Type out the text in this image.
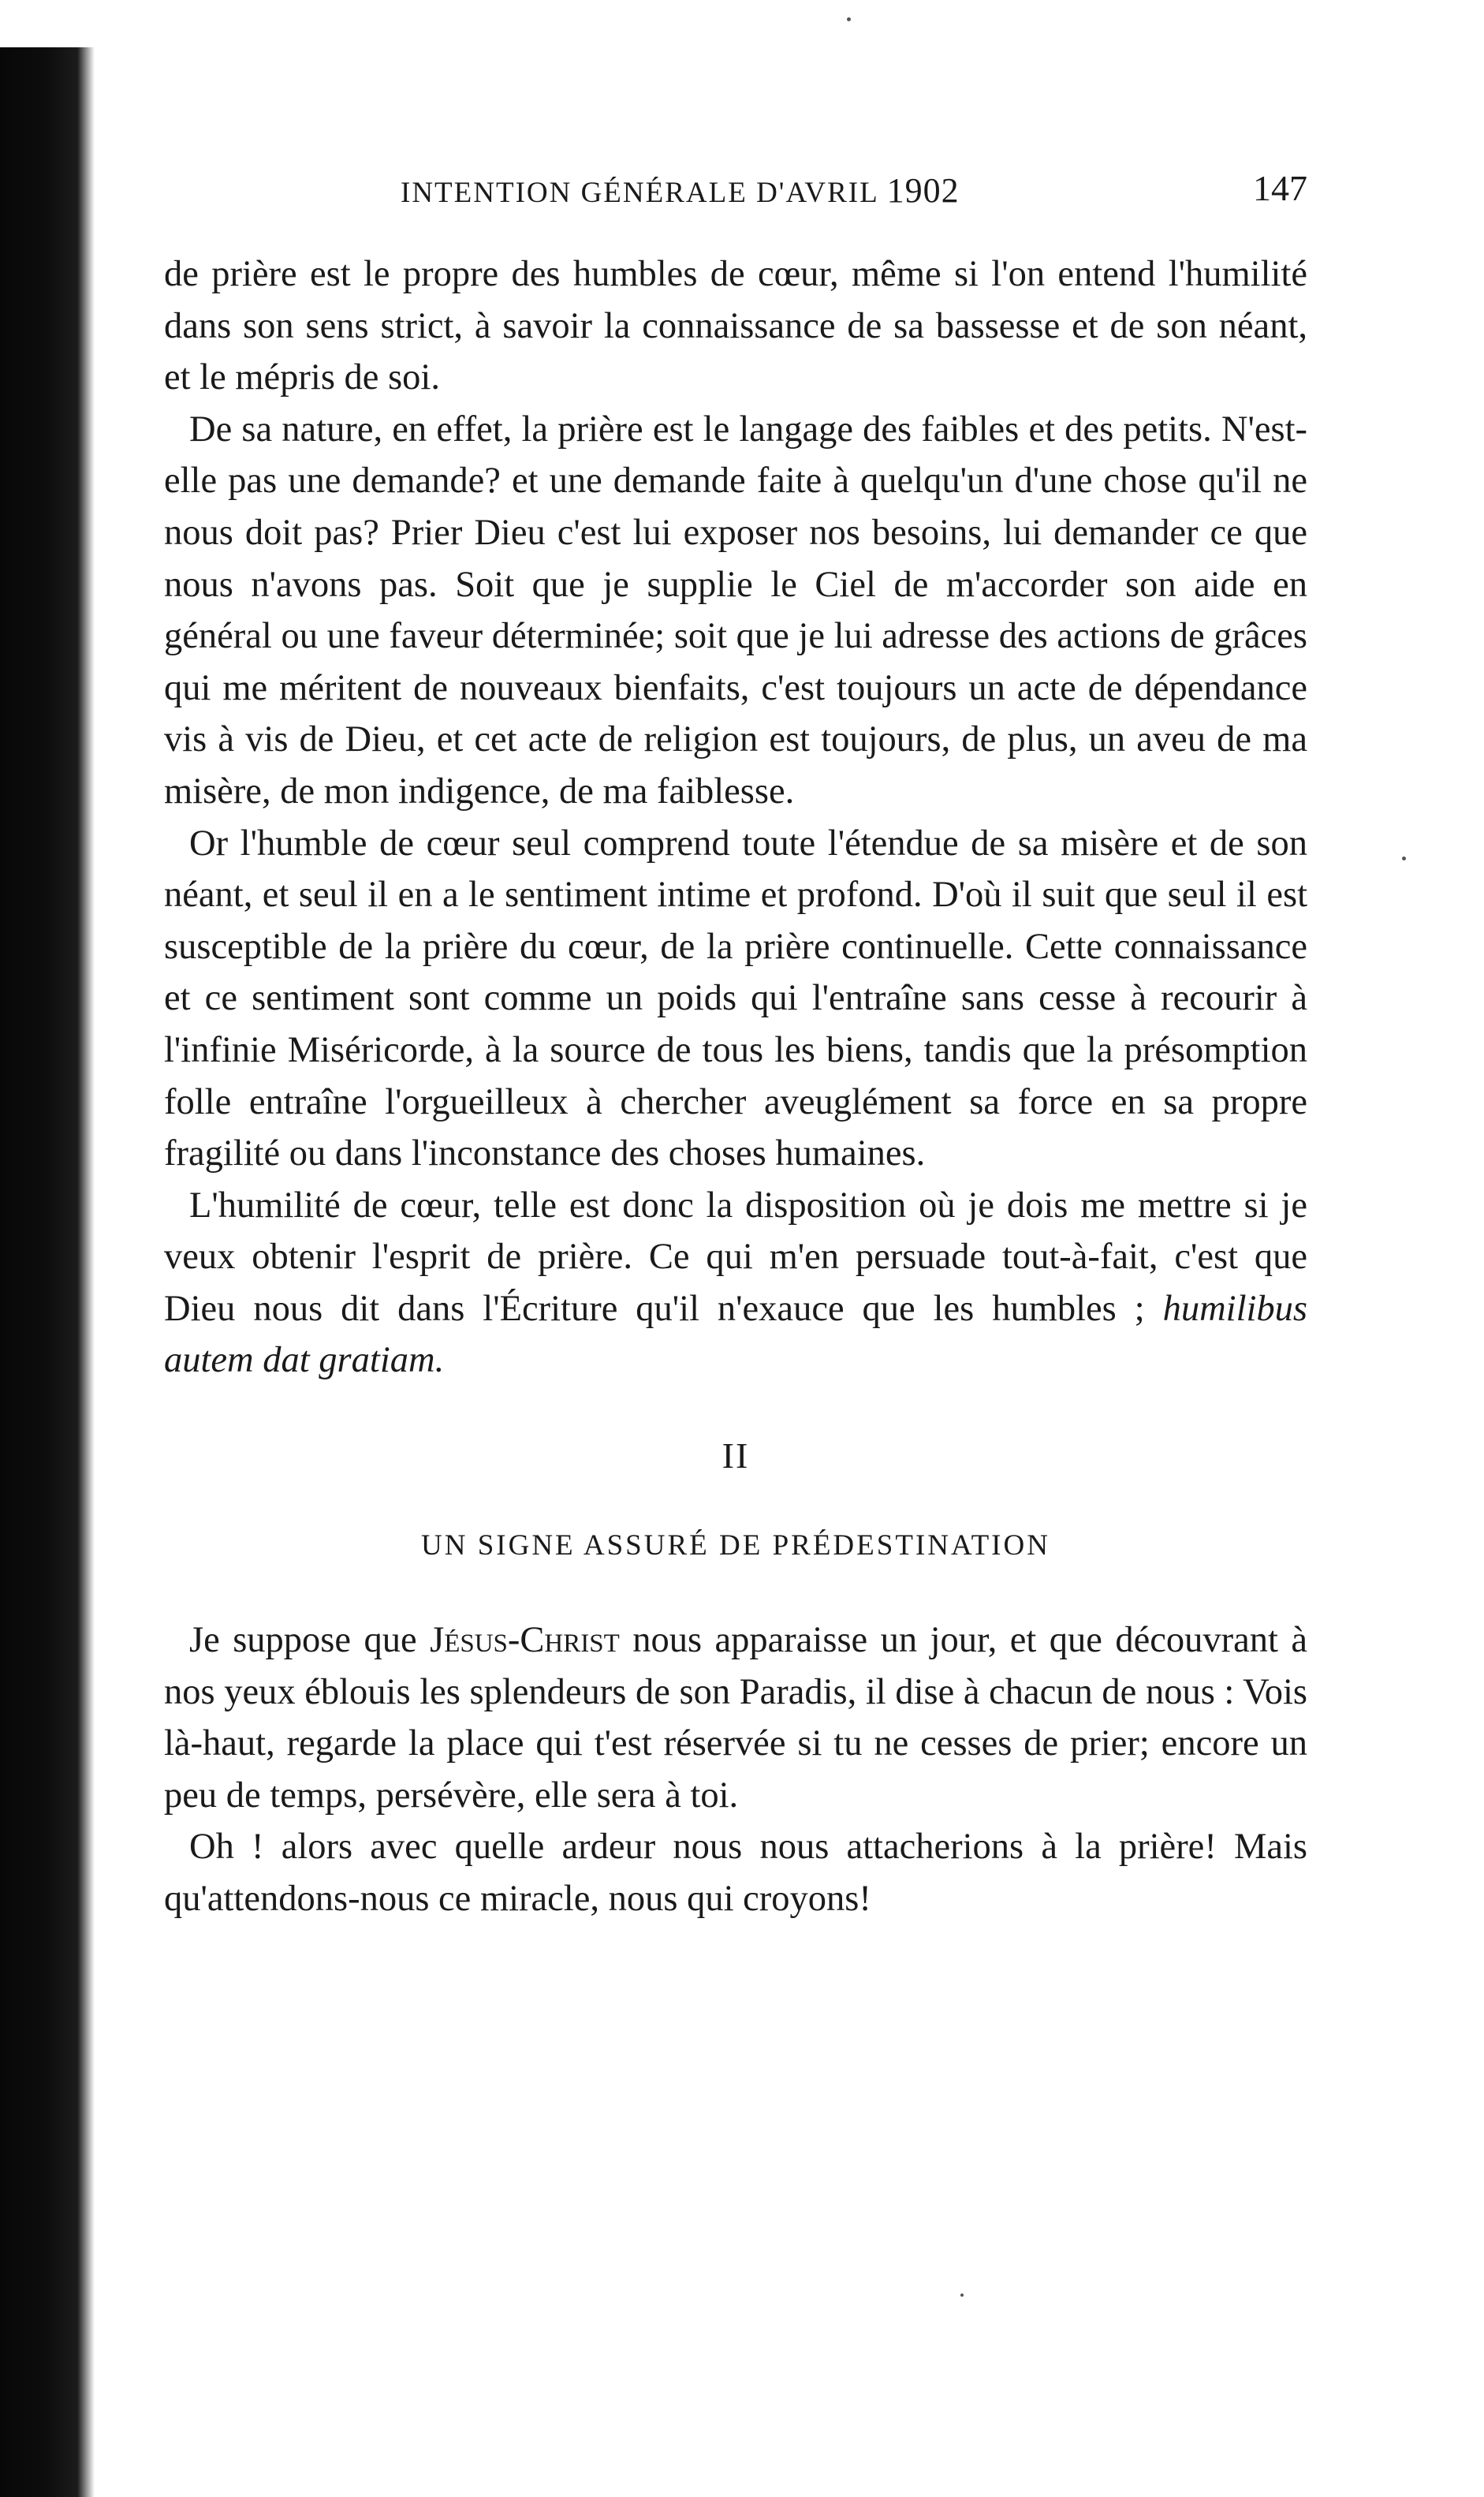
INTENTION GÉNÉRALE D'AVRIL 1902	147

de prière est le propre des humbles de cœur, même si l'on entend l'humilité dans son sens strict, à savoir la connaissance de sa bassesse et de son néant, et le mépris de soi.

De sa nature, en effet, la prière est le langage des faibles et des petits. N'est-elle pas une demande? et une demande faite à quelqu'un d'une chose qu'il ne nous doit pas? Prier Dieu c'est lui exposer nos besoins, lui demander ce que nous n'avons pas. Soit que je supplie le Ciel de m'accorder son aide en général ou une faveur déterminée; soit que je lui adresse des actions de grâces qui me méritent de nouveaux bienfaits, c'est toujours un acte de dépendance vis à vis de Dieu, et cet acte de religion est toujours, de plus, un aveu de ma misère, de mon indigence, de ma faiblesse.

Or l'humble de cœur seul comprend toute l'étendue de sa misère et de son néant, et seul il en a le sentiment intime et profond. D'où il suit que seul il est susceptible de la prière du cœur, de la prière continuelle. Cette connaissance et ce sentiment sont comme un poids qui l'entraîne sans cesse à recourir à l'infinie Miséricorde, à la source de tous les biens, tandis que la présomption folle entraîne l'orgueilleux à chercher aveuglément sa force en sa propre fragilité ou dans l'inconstance des choses humaines.

L'humilité de cœur, telle est donc la disposition où je dois me mettre si je veux obtenir l'esprit de prière. Ce qui m'en persuade tout-à-fait, c'est que Dieu nous dit dans l'Écriture qu'il n'exauce que les humbles ; humilibus autem dat gratiam.

II
UN SIGNE ASSURÉ DE PRÉDESTINATION

Je suppose que Jésus-Christ nous apparaisse un jour, et que découvrant à nos yeux éblouis les splendeurs de son Paradis, il dise à chacun de nous : Vois là-haut, regarde la place qui t'est réservée si tu ne cesses de prier; encore un peu de temps, persévère, elle sera à toi.

Oh ! alors avec quelle ardeur nous nous attacherions à la prière! Mais qu'attendons-nous ce miracle, nous qui croyons!
